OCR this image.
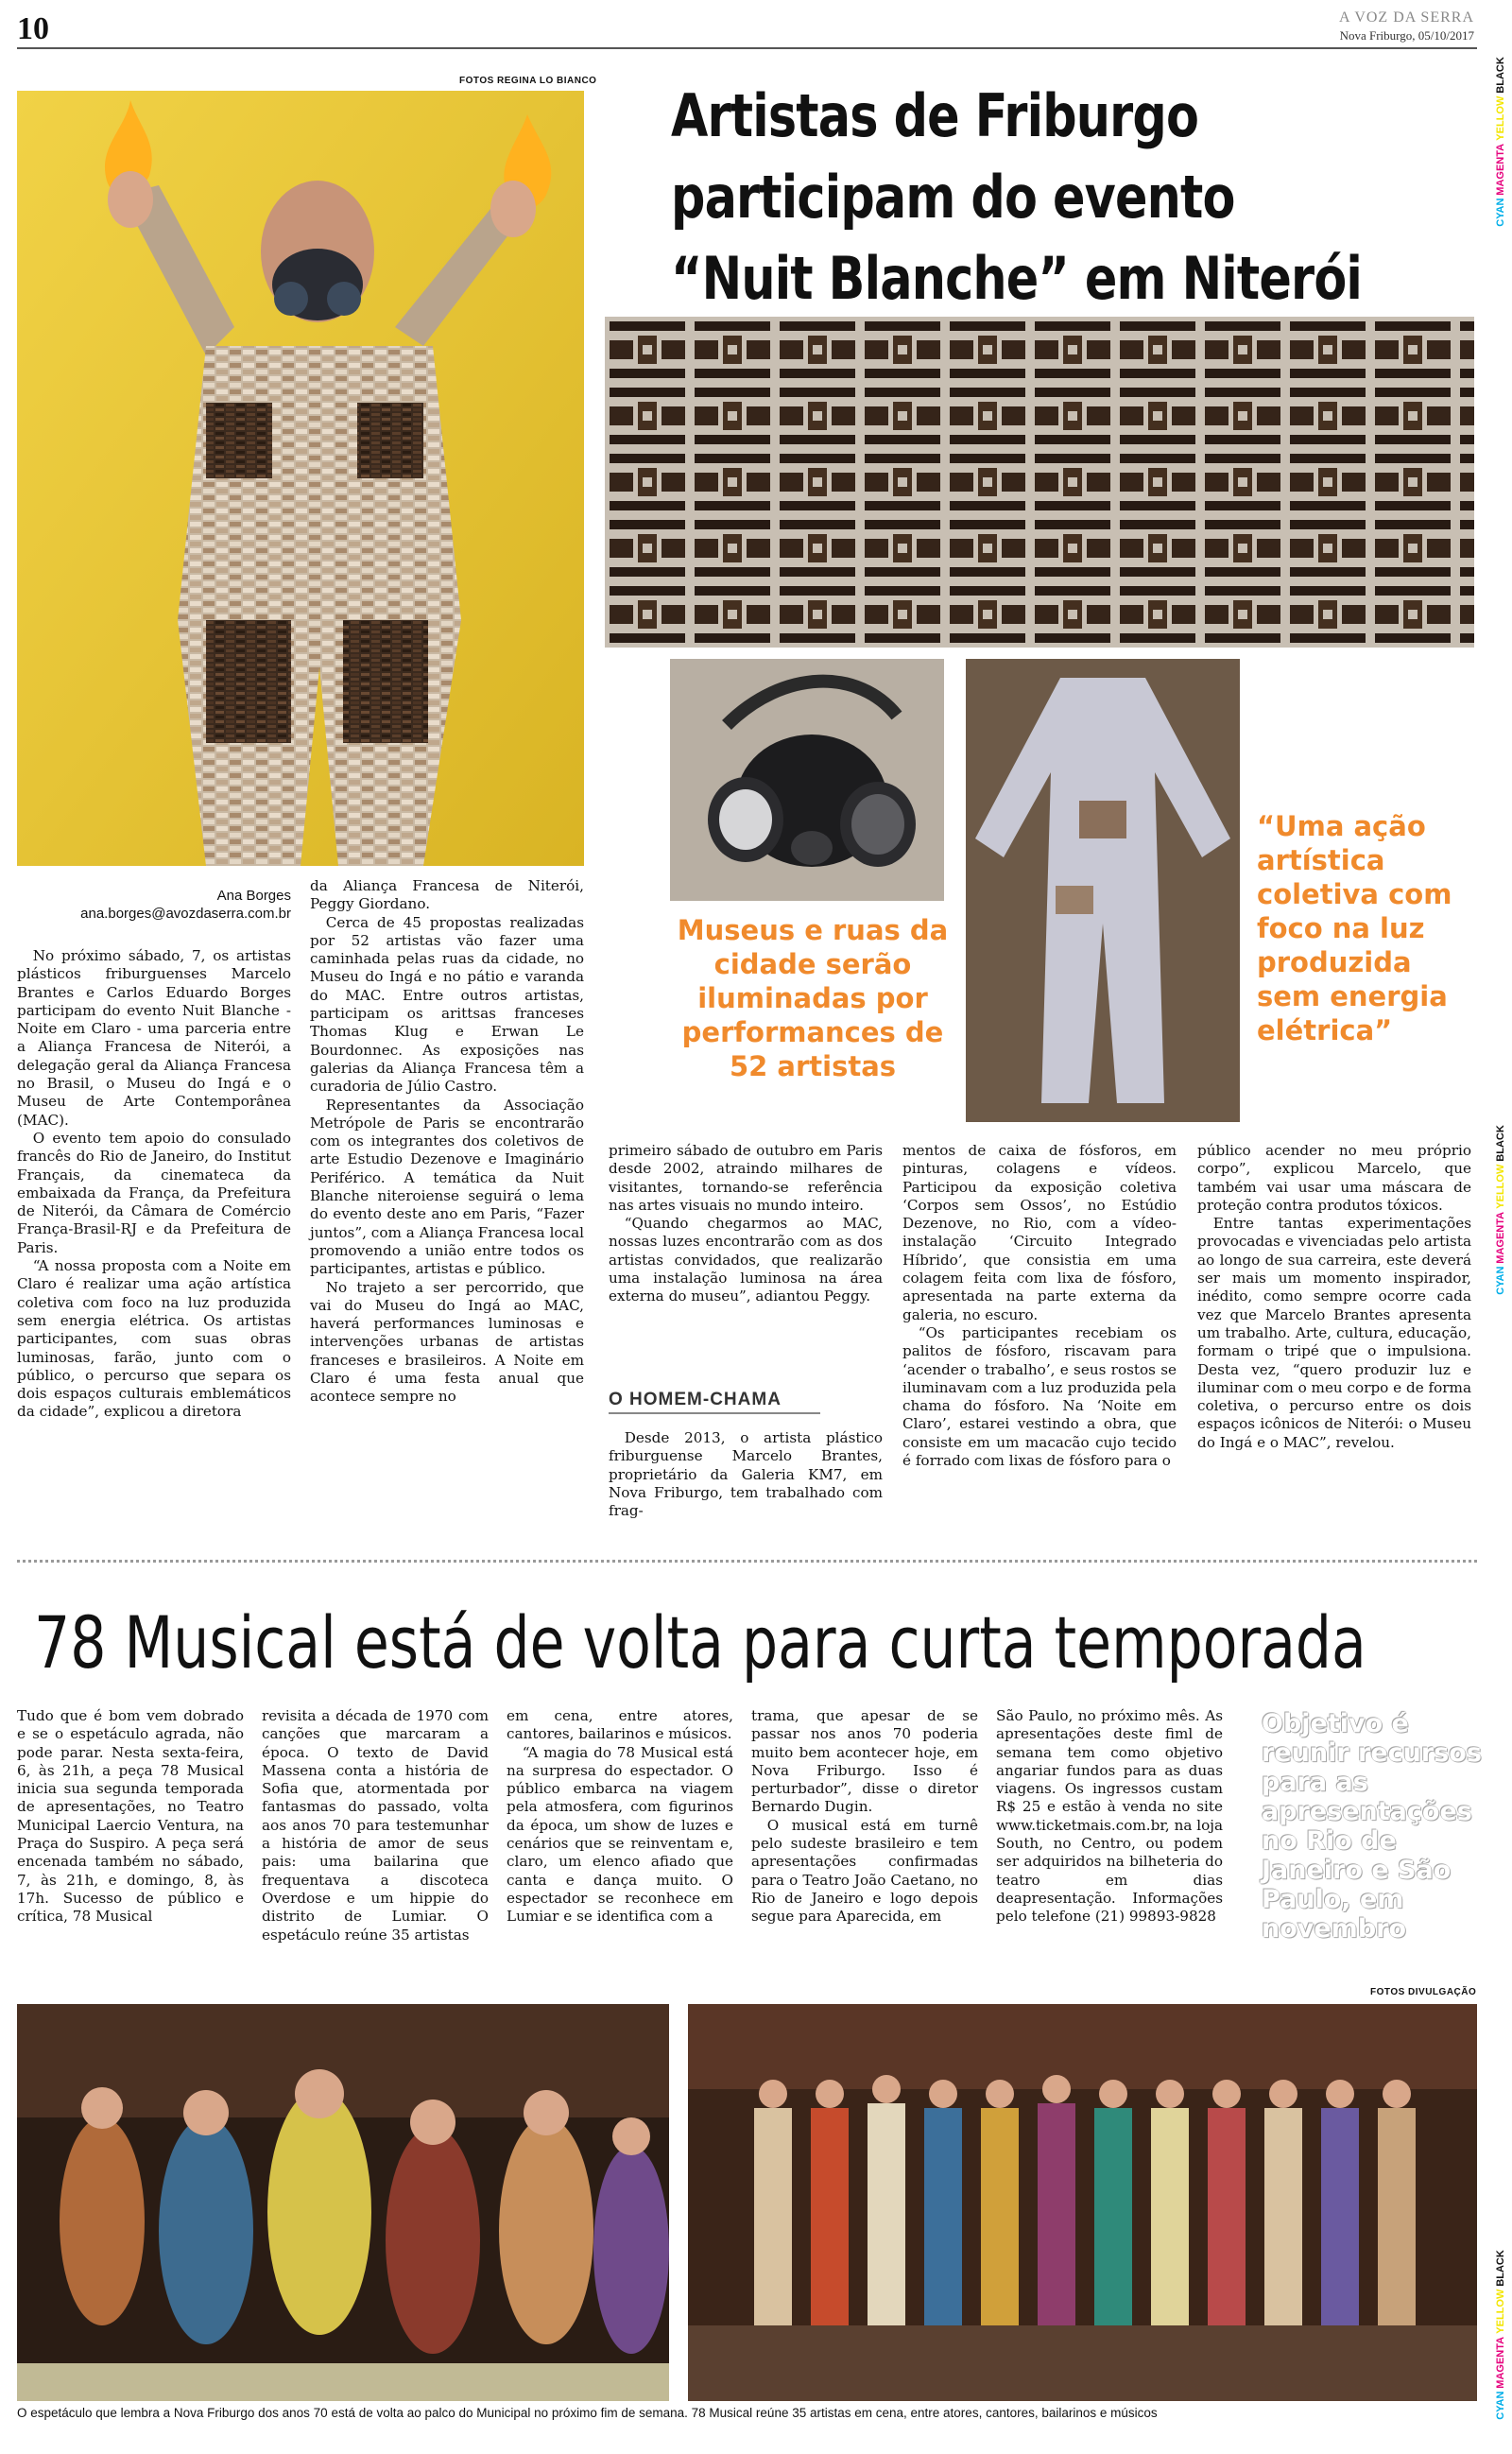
10	A VOZ DA SERRA
Nova Friburgo, 05/10/2017
CYAN MAGENTA YELLOW BLACK
CYAN MAGENTA YELLOW BLACK
CYAN MAGENTA YELLOW BLACK
FOTOS REGINA LO BIANCO
Artistas de Friburgo
participam do evento
“Nuit Blanche” em Niterói
Museus e ruas da cidade serão iluminadas por performances de 52 artistas
“Uma ação artística coletiva com foco na luz produzida sem energia elétrica”
Ana Borges
ana.borges@avozdaserra.com.br

No próximo sábado, 7, os artistas plásticos friburguenses Marcelo Brantes e Carlos Eduardo Borges participam do evento Nuit Blanche - Noite em Claro - uma parceria entre a Aliança Francesa de Niterói, a delegação geral da Aliança Francesa no Brasil, o Museu do Ingá e o Museu de Arte Contemporânea (MAC).

O evento tem apoio do consulado francês do Rio de Janeiro, do Institut Français, da cinemateca da embaixada da França, da Prefeitura de Niterói, da Câmara de Comércio França-Brasil-RJ e da Prefeitura de Paris.

“A nossa proposta com a Noite em Claro é realizar uma ação artística coletiva com foco na luz produzida sem energia elétrica. Os artistas participantes, com suas obras luminosas, farão, junto com o público, o percurso que separa os dois espaços culturais emblemáticos da cidade”, explicou a diretora

da Aliança Francesa de Niterói, Peggy Giordano.

Cerca de 45 propostas realizadas por 52 artistas vão fazer uma caminhada pelas ruas da cidade, no Museu do Ingá e no pátio e varanda do MAC. Entre outros artistas, participam os arittsas franceses Thomas Klug e Erwan Le Bourdonnec. As exposições nas galerias da Aliança Francesa têm a curadoria de Júlio Castro.

Representantes da Associação Metrópole de Paris se encontrarão com os integrantes dos coletivos de arte Estudio Dezenove e Imaginário Periférico. A temática da Nuit Blanche niteroiense seguirá o lema do evento deste ano em Paris, “Fazer juntos”, com a Aliança Francesa local promovendo a união entre todos os participantes, artistas e público.

No trajeto a ser percorrido, que vai do Museu do Ingá ao MAC, haverá performances luminosas e intervenções urbanas de artistas franceses e brasileiros. A Noite em Claro é uma festa anual que acontece sempre no

primeiro sábado de outubro em Paris desde 2002, atraindo milhares de visitantes, tornando-se referência nas artes visuais no mundo inteiro.

“Quando chegarmos ao MAC, nossas luzes encontrarão com as dos artistas convidados, que realizarão uma instalação luminosa na área externa do museu”, adiantou Peggy.

O HOMEM-CHAMA

Desde 2013, o artista plástico friburguense Marcelo Brantes, proprietário da Galeria KM7, em Nova Friburgo, tem trabalhado com frag-

mentos de caixa de fósforos, em pinturas, colagens e vídeos. Participou da exposição coletiva ‘Corpos sem Ossos’, no Estúdio Dezenove, no Rio, com a vídeo-instalação ‘Circuito Integrado Híbrido’, que consistia em uma colagem feita com lixa de fósforo, apresentada na parte externa da galeria, no escuro.

“Os participantes recebiam os palitos de fósforo, riscavam para ‘acender o trabalho’, e seus rostos se iluminavam com a luz produzida pela chama do fósforo. Na ‘Noite em Claro’, estarei vestindo a obra, que consiste em um macacão cujo tecido é forrado com lixas de fósforo para o

público acender no meu próprio corpo”, explicou Marcelo, que também vai usar uma máscara de proteção contra produtos tóxicos.

Entre tantas experimentações provocadas e vivenciadas pelo artista ao longo de sua carreira, este deverá ser mais um momento inspirador, inédito, como sempre ocorre cada vez que Marcelo Brantes apresenta um trabalho. Arte, cultura, educação, formam o tripé que o impulsiona. Desta vez, “quero produzir luz e iluminar com o meu corpo e de forma coletiva, o percurso entre os dois espaços icônicos de Niterói: o Museu do Ingá e o MAC”, revelou.

78 Musical está de volta para curta temporada

Tudo que é bom vem dobrado e se o espetáculo agrada, não pode parar. Nesta sexta-feira, 6, às 21h, a peça 78 Musical inicia sua segunda temporada de apresentações, no Teatro Municipal Laercio Ventura, na Praça do Suspiro. A peça será encenada também no sábado, 7, às 21h, e domingo, 8, às 17h. Sucesso de público e crítica, 78 Musical

revisita a década de 1970 com canções que marcaram a época. O texto de David Massena conta a história de Sofia que, atormentada por fantasmas do passado, volta aos anos 70 para testemunhar a história de amor de seus pais: uma bailarina que frequentava a discoteca Overdose e um hippie do distrito de Lumiar. O espetáculo reúne 35 artistas

em cena, entre atores, cantores, bailarinos e músicos.

“A magia do 78 Musical está na surpresa do espectador. O público embarca na viagem pela atmosfera, com figurinos da época, um show de luzes e cenários que se reinventam e, claro, um elenco afiado que canta e dança muito. O espectador se reconhece em Lumiar e se identifica com a

trama, que apesar de se passar nos anos 70 poderia muito bem acontecer hoje, em Nova Friburgo. Isso é perturbador”, disse o diretor Bernardo Dugin.

O musical está em turnê pelo sudeste brasileiro e tem apresentações confirmadas para o Teatro João Caetano, no Rio de Janeiro e logo depois segue para Aparecida, em

São Paulo, no próximo mês. As apresentações deste fiml de semana tem como objetivo angariar fundos para as duas viagens. Os ingressos custam R$ 25 e estão à venda no site www.ticketmais.com.br, na loja South, no Centro, ou podem ser adquiridos na bilheteria do teatro em dias deapresentação. Informações pelo telefone (21) 99893-9828

Objetivo é reunir recursos para as apresentações no Rio de Janeiro e São Paulo, em novembro
FOTOS DIVULGAÇÃO
O espetáculo que lembra a Nova Friburgo dos anos 70 está de volta ao palco do Municipal no próximo fim de semana. 78 Musical reúne 35 artistas em cena, entre atores, cantores, bailarinos e músicos
